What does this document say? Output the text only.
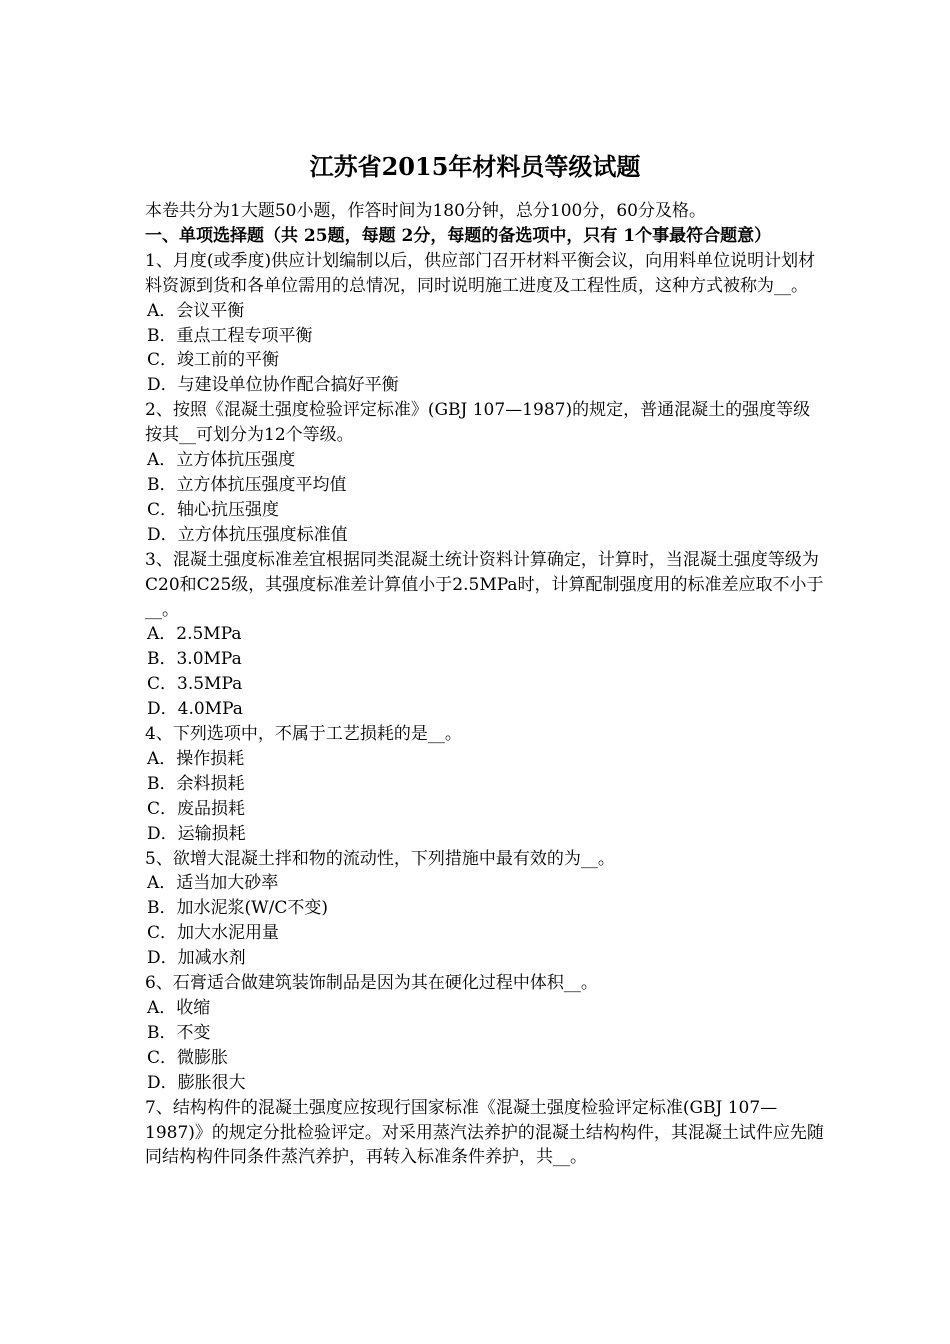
江苏省2015年材料员等级试题

本卷共分为1大题50小题，作答时间为180分钟，总分100分，60分及格。

一、单项选择题（共 25题，每题 2分，每题的备选项中，只有 1个事最符合题意）

1、月度(或季度)供应计划编制以后，供应部门召开材料平衡会议，向用料单位说明计划材料资源到货和各单位需用的总情况，同时说明施工进度及工程性质，这种方式被称为__。

A．会议平衡

B．重点工程专项平衡

C．竣工前的平衡

D．与建设单位协作配合搞好平衡

2、按照《混凝土强度检验评定标准》(GBJ 107—1987)的规定，普通混凝土的强度等级按其__可划分为12个等级。

A．立方体抗压强度

B．立方体抗压强度平均值

C．轴心抗压强度

D．立方体抗压强度标准值

3、混凝土强度标准差宜根据同类混凝土统计资料计算确定，计算时，当混凝土强度等级为C20和C25级，其强度标准差计算值小于2.5MPa时，计算配制强度用的标准差应取不小于__。

A．2.5MPa

B．3.0MPa

C．3.5MPa

D．4.0MPa

4、下列选项中，不属于工艺损耗的是__。

A．操作损耗

B．余料损耗

C．废品损耗

D．运输损耗

5、欲增大混凝土拌和物的流动性，下列措施中最有效的为__。

A．适当加大砂率

B．加水泥浆(W/C不变)

C．加大水泥用量

D．加减水剂

6、石膏适合做建筑装饰制品是因为其在硬化过程中体积__。

A．收缩

B．不变

C．微膨胀

D．膨胀很大

7、结构构件的混凝土强度应按现行国家标准《混凝土强度检验评定标准(GBJ 107—1987)》的规定分批检验评定。对采用蒸汽法养护的混凝土结构构件，其混凝土试件应先随同结构构件同条件蒸汽养护，再转入标准条件养护，共__。
